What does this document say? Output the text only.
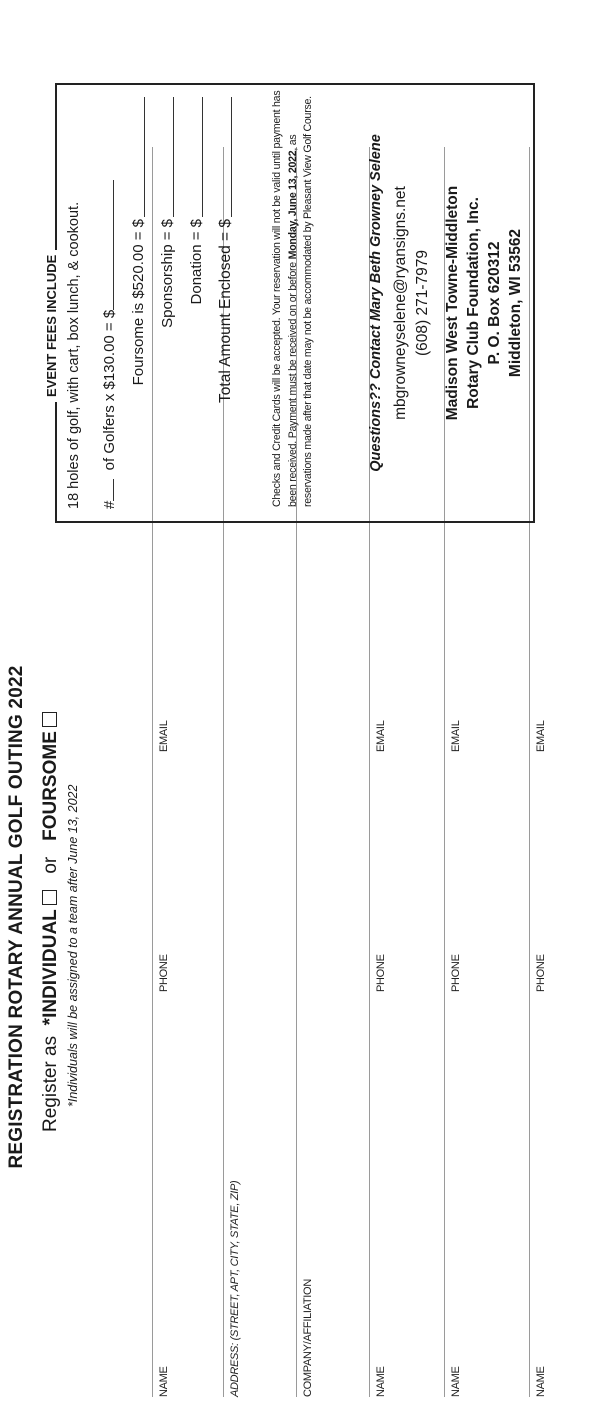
REGISTRATION ROTARY ANNUAL GOLF OUTING 2022 Register as  *INDIVIDUAL  or   FOURSOME *Individuals will be assigned to a team after June 13, 2022
NAME
PHONE
EMAIL
ADDRESS: (STREET, APT, CITY, STATE, ZIP)	COMPANY/AFFILIATION	NAME
PHONE
EMAIL
NAME
PHONE
EMAIL
NAME
PHONE
EMAIL
EVENT FEES INCLUDE 18 holes of golf, with cart, box lunch, & cookout. #  of Golfers x $130.00 = $
Foursome is $520.00 = $ Sponsorship = $ Donation = $ Total Amount Enclosed = $	Checks and Credit Cards will be accepted. Your reservation will not be valid until payment has been received. Payment must be received on or before Monday, June 13, 2022, as reservations made after that date may not be accommodated by Pleasant View Golf Course.	Questions?? Contact Mary Beth Growney Selene mbgrowneyselene@ryansigns.net (608) 271-7979 Madison West Towne-Middleton Rotary Club Foundation, Inc. P. O. Box 620312 Middleton, WI 53562
